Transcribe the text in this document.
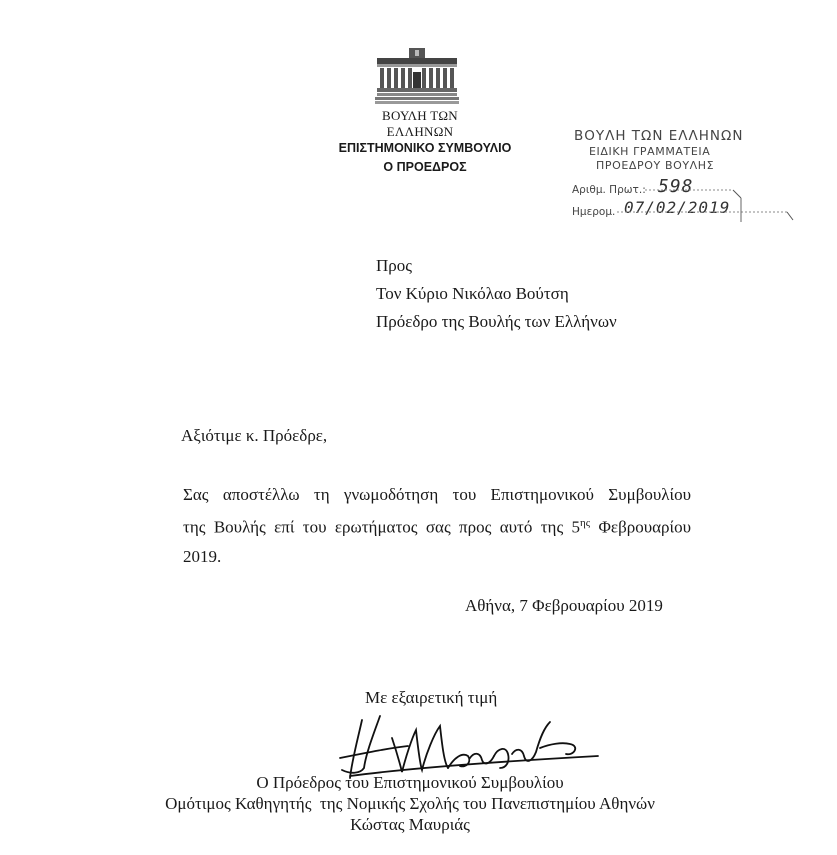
ΒΟΥΛΗ ΤΩΝ ΕΛΛΗΝΩΝ
ΕΠΙΣΤΗΜΟΝΙΚΟ ΣΥΜΒΟΥΛΙΟ
Ο ΠΡΟΕΔΡΟΣ
ΒΟΥΛΗ ΤΩΝ ΕΛΛΗΝΩΝ
ΕΙΔΙΚΗ ΓΡΑΜΜΑΤΕΙΑ
ΠΡΟΕΔΡΟΥ ΒΟΥΛΗΣ
Αριθμ. Πρωτ.:
Ημερομ.
598
07/02/2019
Προς
Τον Κύριο Νικόλαο Βούτση
Πρόεδρο της Βουλής των Ελλήνων
Αξιότιμε κ. Πρόεδρε,
Σας αποστέλλω τη γνωμοδότηση του Επιστημονικού Συμβουλίου
της Βουλής επί του ερωτήματος σας προς αυτό της $5^{\eta\varsigma}$ Φεβρουαρίου
2019.
Αθήνα, 7 Φεβρουαρίου 2019
Με εξαιρετική τιμή
Ο Πρόεδρος του Επιστημονικού Συμβουλίου
Ομότιμος Καθηγητής  της Νομικής Σχολής του Πανεπιστημίου Αθηνών
Κώστας Μαυριάς
